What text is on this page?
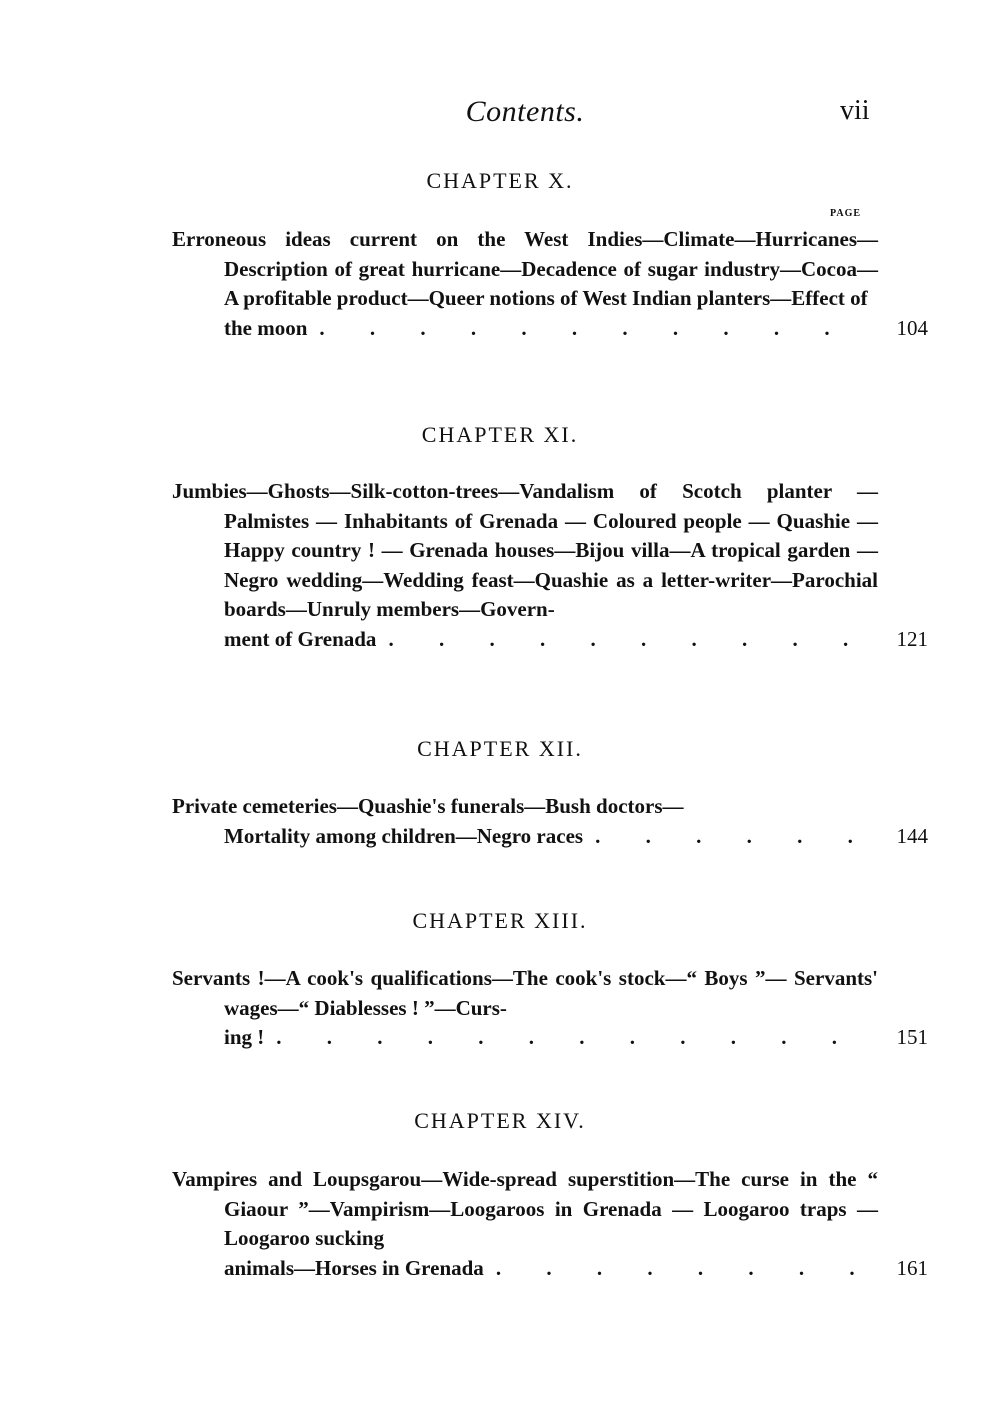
Contents.	vii
CHAPTER X.
PAGE
Erroneous ideas current on the West Indies—Climate—Hurricanes—Description of great hurricane—Decadence of sugar industry—Cocoa—A profitable product—Queer notions of West Indian planters—Effect of
the moon . . .	104
CHAPTER XI.
Jumbies—Ghosts—Silk-cotton-trees—Vandalism of Scotch planter — Palmistes — Inhabitants of Grenada — Coloured people — Quashie — Happy country ! — Grenada houses—Bijou villa—A tropical garden — Negro wedding—Wedding feast—Quashie as a letter-writer—Parochial boards—Unruly members—Govern-
ment of Grenada . . .	121
CHAPTER XII.
Private cemeteries—Quashie's funerals—Bush doctors—
Mortality among children—Negro races . . .	144
CHAPTER XIII.
Servants !—A cook's qualifications—The cook's stock—“ Boys ”— Servants' wages—“ Diablesses ! ”—Curs-
ing ! . . .	151
CHAPTER XIV.
Vampires and Loupsgarou—Wide-spread superstition—The curse in the “ Giaour ”—Vampirism—Loogaroos in Grenada — Loogaroo traps — Loogaroo sucking
animals—Horses in Grenada . . .	161
